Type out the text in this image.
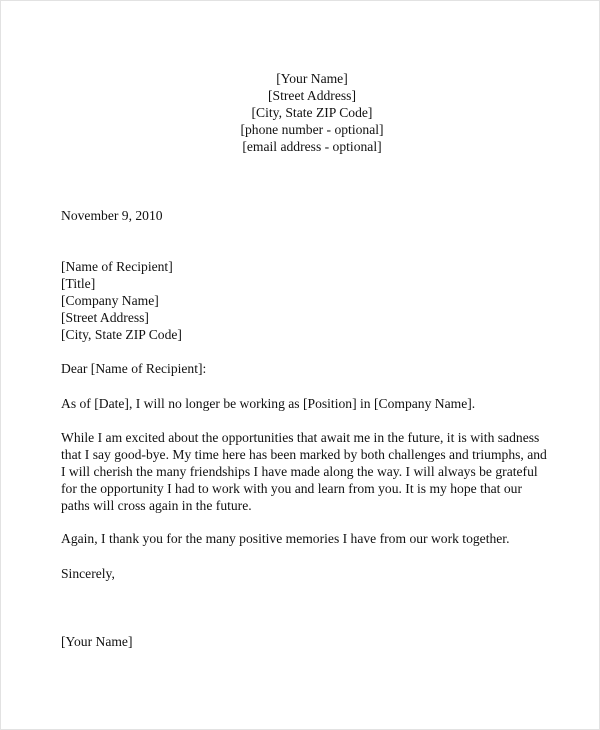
[Your Name]
[Street Address]
[City, State ZIP Code]
[phone number - optional]
[email address - optional]
November 9, 2010
[Name of Recipient]
[Title]
[Company Name]
[Street Address]
[City, State ZIP Code]
Dear [Name of Recipient]:
As of [Date], I will no longer be working as [Position] in [Company Name].
While I am excited about the opportunities that await me in the future, it is with sadness
that I say good-bye. My time here has been marked by both challenges and triumphs, and
I will cherish the many friendships I have made along the way. I will always be grateful
for the opportunity I had to work with you and learn from you. It is my hope that our
paths will cross again in the future.
Again, I thank you for the many positive memories I have from our work together.
Sincerely,
[Your Name]
